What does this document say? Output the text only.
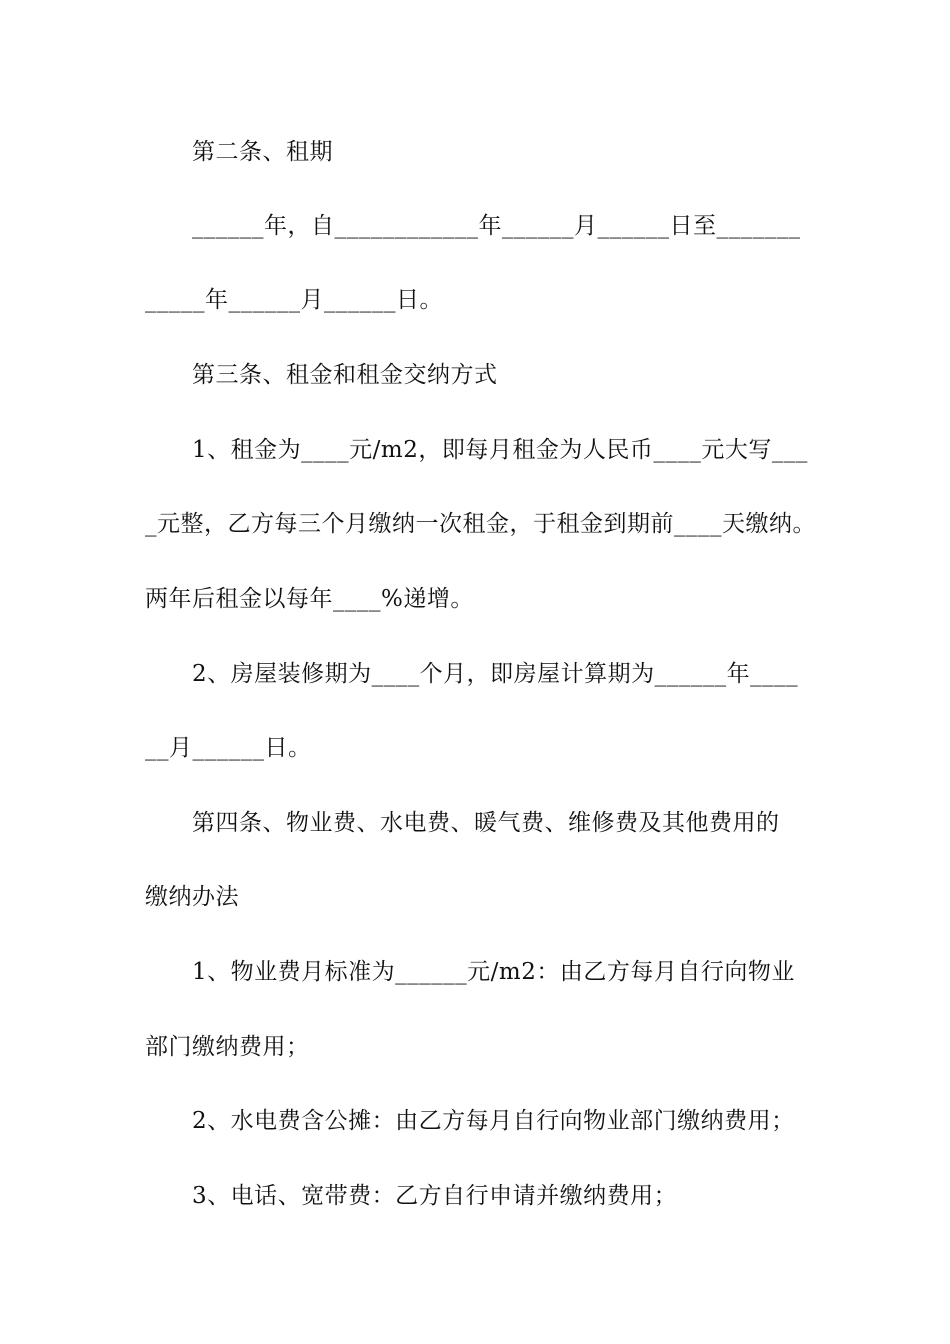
第二条、租期
______年，自____________年______月______日至_______
_____年______月______日。
第三条、租金和租金交纳方式
1、租金为____元/m2，即每月租金为人民币____元大写___
_元整，乙方每三个月缴纳一次租金，于租金到期前____天缴纳。
两年后租金以每年____%递增。
2、房屋装修期为____个月，即房屋计算期为______年____
__月______日。
第四条、物业费、水电费、暖气费、维修费及其他费用的
缴纳办法
1、物业费月标准为______元/m2：由乙方每月自行向物业
部门缴纳费用；
2、水电费含公摊：由乙方每月自行向物业部门缴纳费用；
3、电话、宽带费：乙方自行申请并缴纳费用；
